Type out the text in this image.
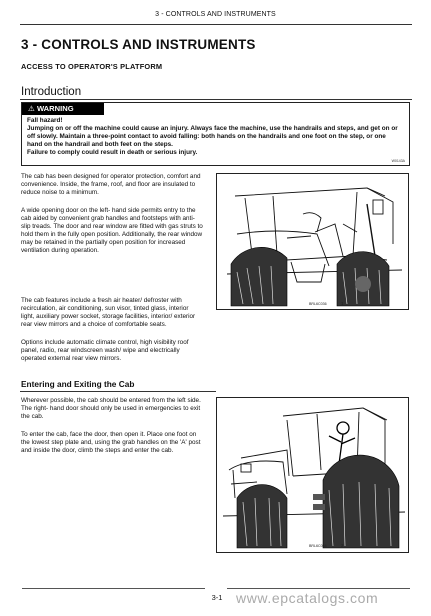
3 - CONTROLS AND INSTRUMENTS
3 - CONTROLS AND INSTRUMENTS
ACCESS TO OPERATOR'S PLATFORM
Introduction
⚠ WARNING

Fall hazard!

Jumping on or off the machine could cause an injury. Always face the machine, use the handrails and steps, and get on or off slowly. Maintain a three-point contact to avoid falling: both hands on the handrails and one foot on the step, or one hand on the handrail and both feet on the steps.

Failure to comply could result in death or serious injury.

W0143A

The cab has been designed for operator protection, comfort and convenience. Inside, the frame, roof, and floor are insulated to reduce noise to a minimum.

A wide opening door on the left- hand side permits entry to the cab aided by convenient grab handles and footsteps with anti- slip treads. The door and rear window are fitted with gas struts to hold them in the fully open position. Additionally, the rear window may be retained in the partially open position for increased ventilation during operation.

The cab features include a fresh air heater/ defroster with recirculation, air conditioning, sun visor, tinted glass, interior light, auxiliary power socket, storage facilities, interior/ exterior rear view mirrors and a choice of comfortable seats.

Options include automatic climate control, high visibility roof panel, radio, rear windscreen wash/ wipe and electrically operated external rear view mirrors.

Entering and Exiting the Cab

Wherever possible, the cab should be entered from the left side. The right- hand door should only be used in emergencies to exit the cab.

To enter the cab, face the door, then open it. Place one foot on the lowest step plate and, using the grab handles on the 'A' post and inside the door, climb the steps and enter the cab.

BRL6C036	1
BRL6C034	2
3-1 www.epcatalogs.com
